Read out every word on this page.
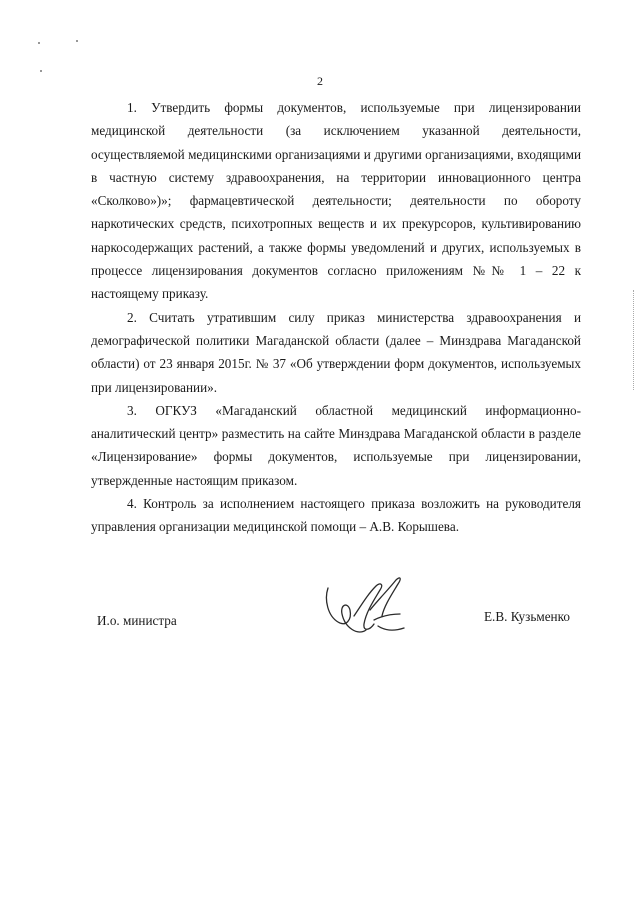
2

1. Утвердить формы документов, используемые при лицензировании медицинской деятельности (за исключением указанной деятельности, осуществляемой медицинскими организациями и другими организациями, входящими в частную систему здравоохранения, на территории инновационного центра «Сколково»)»; фармацевтической деятельности; деятельности по обороту наркотических средств, психотропных веществ и их прекурсоров, культивированию наркосодержащих растений, а также формы уведомлений и других, используемых в процессе лицензирования документов согласно приложениям №№ 1 – 22 к настоящему приказу.

2. Считать утратившим силу приказ министерства здравоохранения и демографической политики Магаданской области (далее – Минздрава Магаданской области) от 23 января 2015г. № 37 «Об утверждении форм документов, используемых при лицензировании».

3. ОГКУЗ «Магаданский областной медицинский информационно-аналитический центр» разместить на сайте Минздрава Магаданской области в разделе «Лицензирование» формы документов, используемые при лицензировании, утвержденные настоящим приказом.

4. Контроль за исполнением настоящего приказа возложить на руководителя управления организации медицинской помощи – А.В. Корышева.

И.о. министра	Е.В. Кузьменко
